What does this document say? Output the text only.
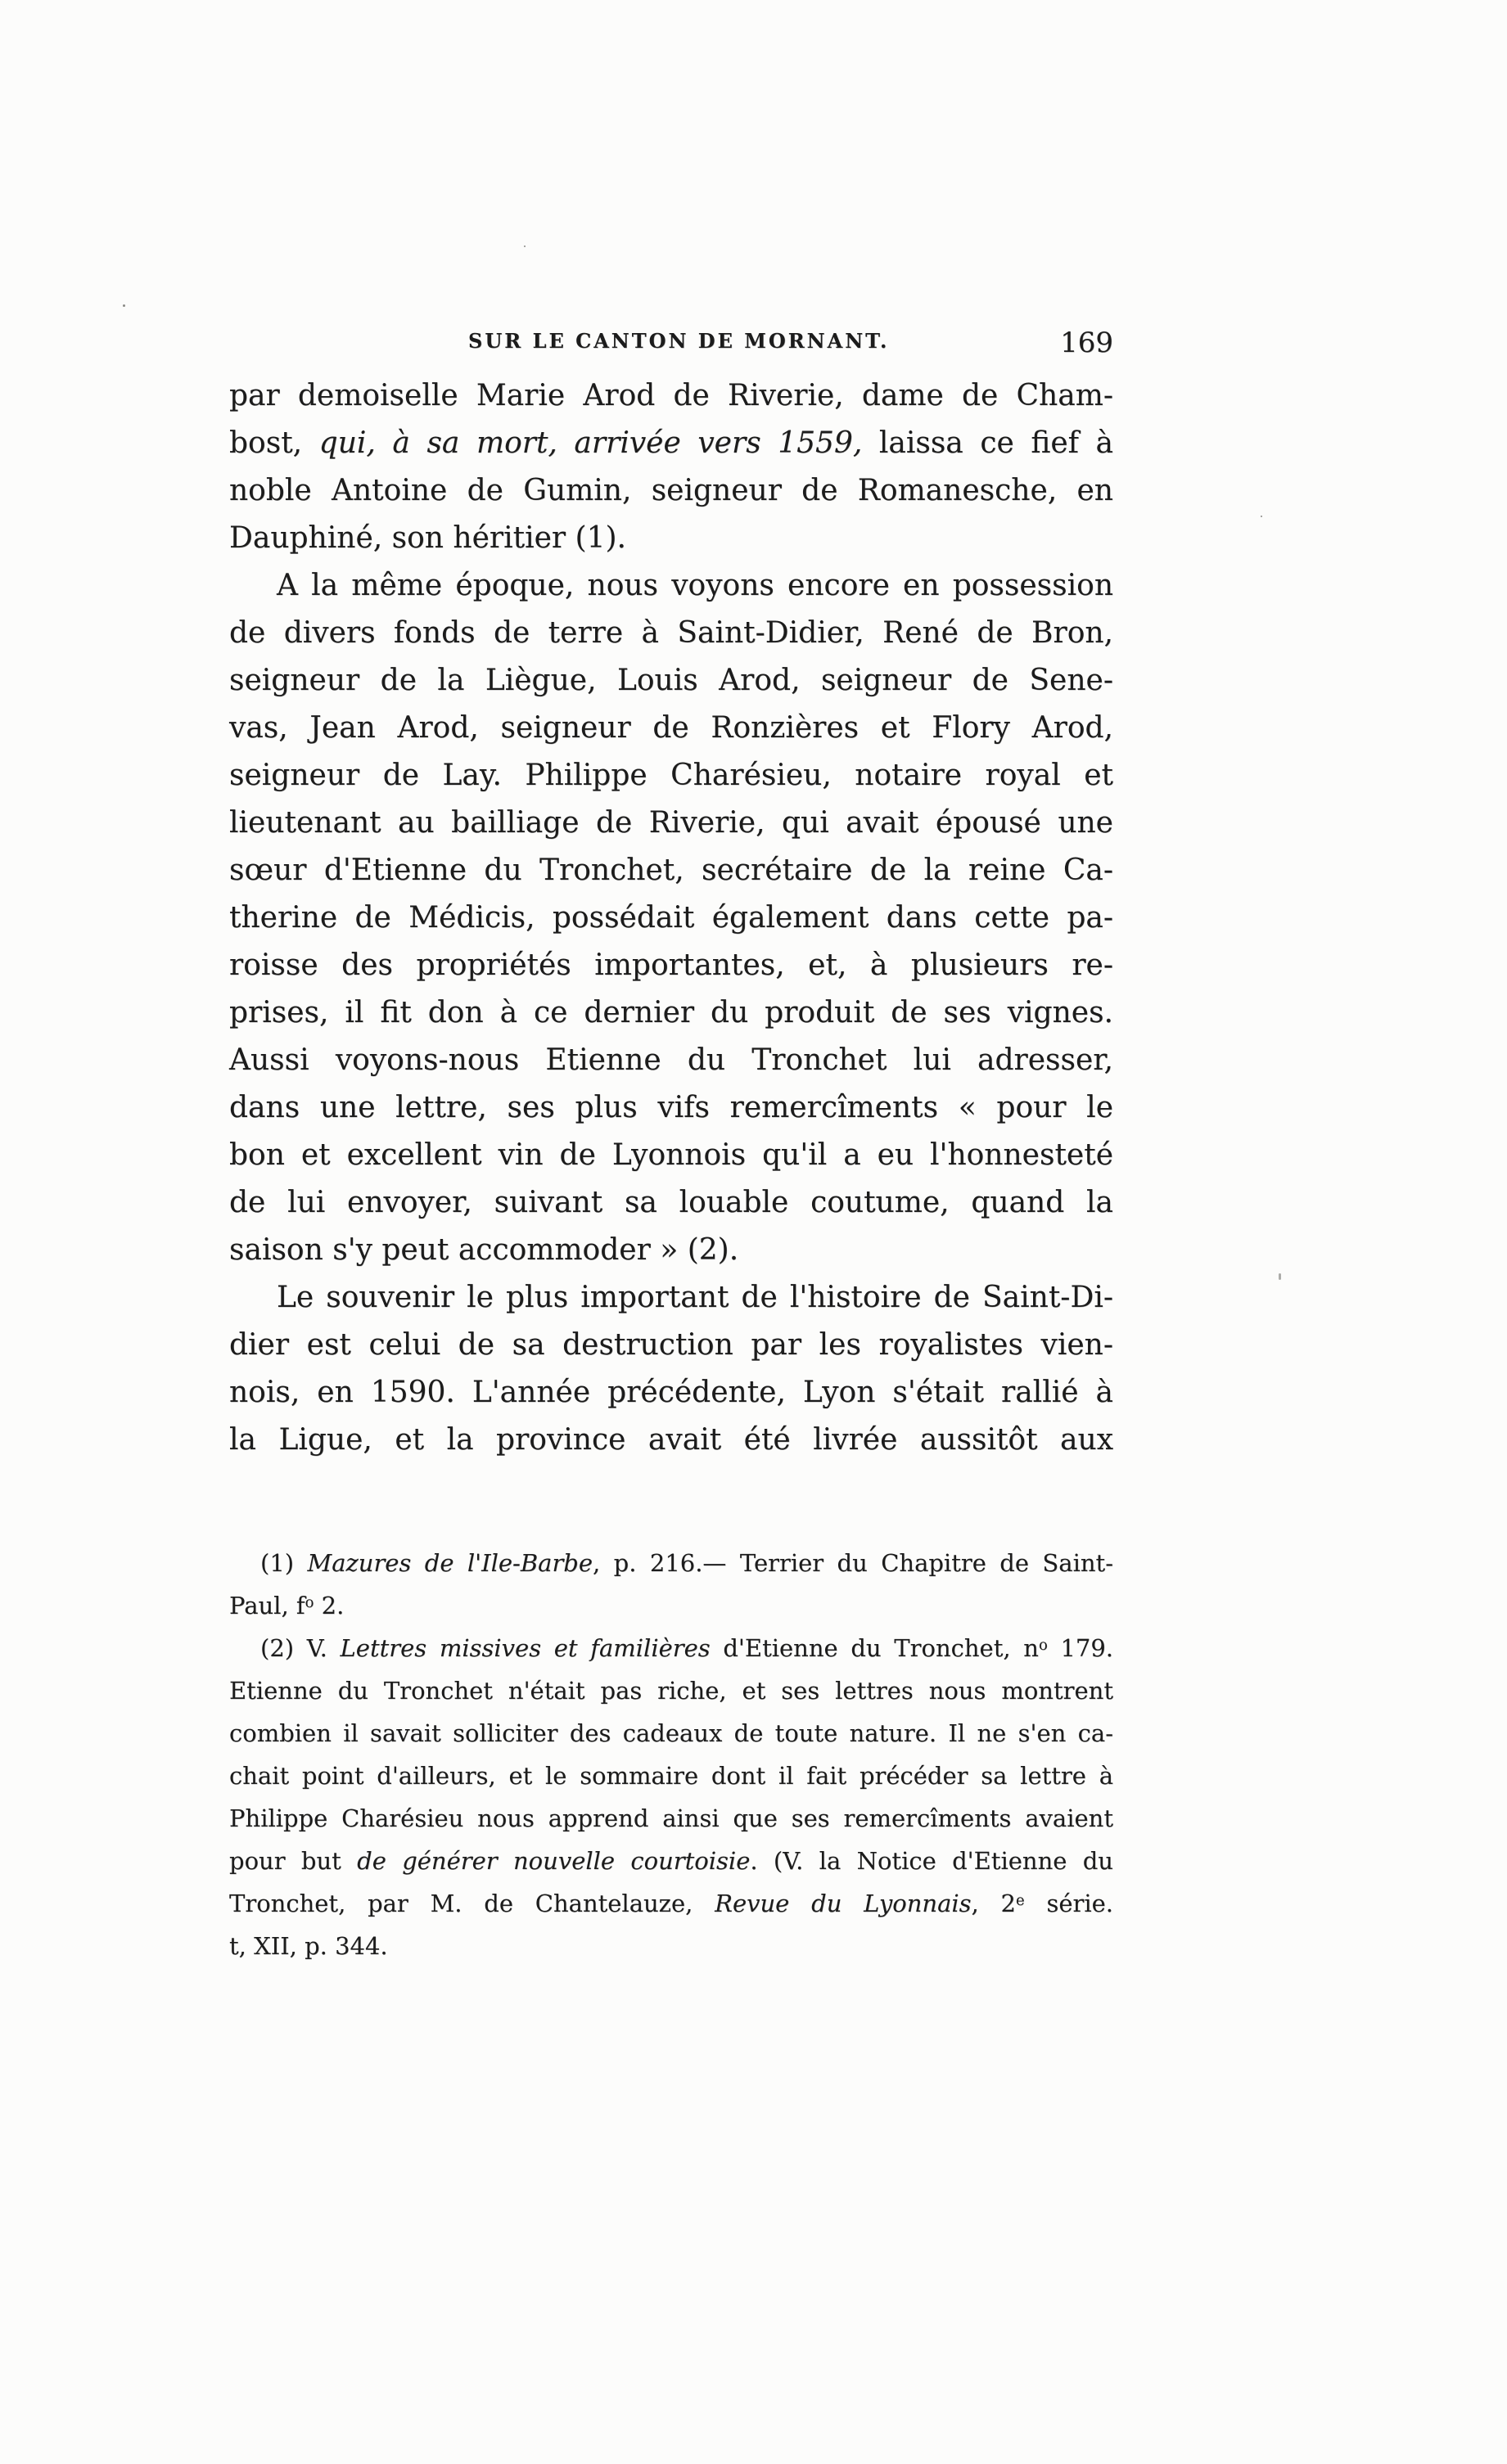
SUR LE CANTON DE MORNANT.	169
par demoiselle Marie Arod de Riverie, dame de Cham-
bost, qui, à sa mort, arrivée vers 1559, laissa ce fief à
noble Antoine de Gumin, seigneur de Romanesche, en
Dauphiné, son héritier (1).
A la même époque, nous voyons encore en possession
de divers fonds de terre à Saint-Didier, René de Bron,
seigneur de la Liègue, Louis Arod, seigneur de Sene-
vas, Jean Arod, seigneur de Ronzières et Flory Arod,
seigneur de Lay. Philippe Charésieu, notaire royal et
lieutenant au bailliage de Riverie, qui avait épousé une
sœur d'Etienne du Tronchet, secrétaire de la reine Ca-
therine de Médicis, possédait également dans cette pa-
roisse des propriétés importantes, et, à plusieurs re-
prises, il fit don à ce dernier du produit de ses vignes.
Aussi voyons-nous Etienne du Tronchet lui adresser,
dans une lettre, ses plus vifs remercîments « pour le
bon et excellent vin de Lyonnois qu'il a eu l'honnesteté
de lui envoyer, suivant sa louable coutume, quand la
saison s'y peut accommoder » (2).
Le souvenir le plus important de l'histoire de Saint-Di-
dier est celui de sa destruction par les royalistes vien-
nois, en 1590. L'année précédente, Lyon s'était rallié à
la Ligue, et la province avait été livrée aussitôt aux
(1) Mazures de l'Ile-Barbe, p. 216.— Terrier du Chapitre de Saint-
Paul, $f^o$ 2.
(2) V. Lettres missives et familières d'Etienne du Tronchet, $n^o$ 179.
Etienne du Tronchet n'était pas riche, et ses lettres nous montrent
combien il savait solliciter des cadeaux de toute nature. Il ne s'en ca-
chait point d'ailleurs, et le sommaire dont il fait précéder sa lettre à
Philippe Charésieu nous apprend ainsi que ses remercîments avaient
pour but de générer nouvelle courtoisie. (V. la Notice d'Etienne du
Tronchet, par M. de Chantelauze, Revue du Lyonnais, 2e série.
t, XII, p. 344.
